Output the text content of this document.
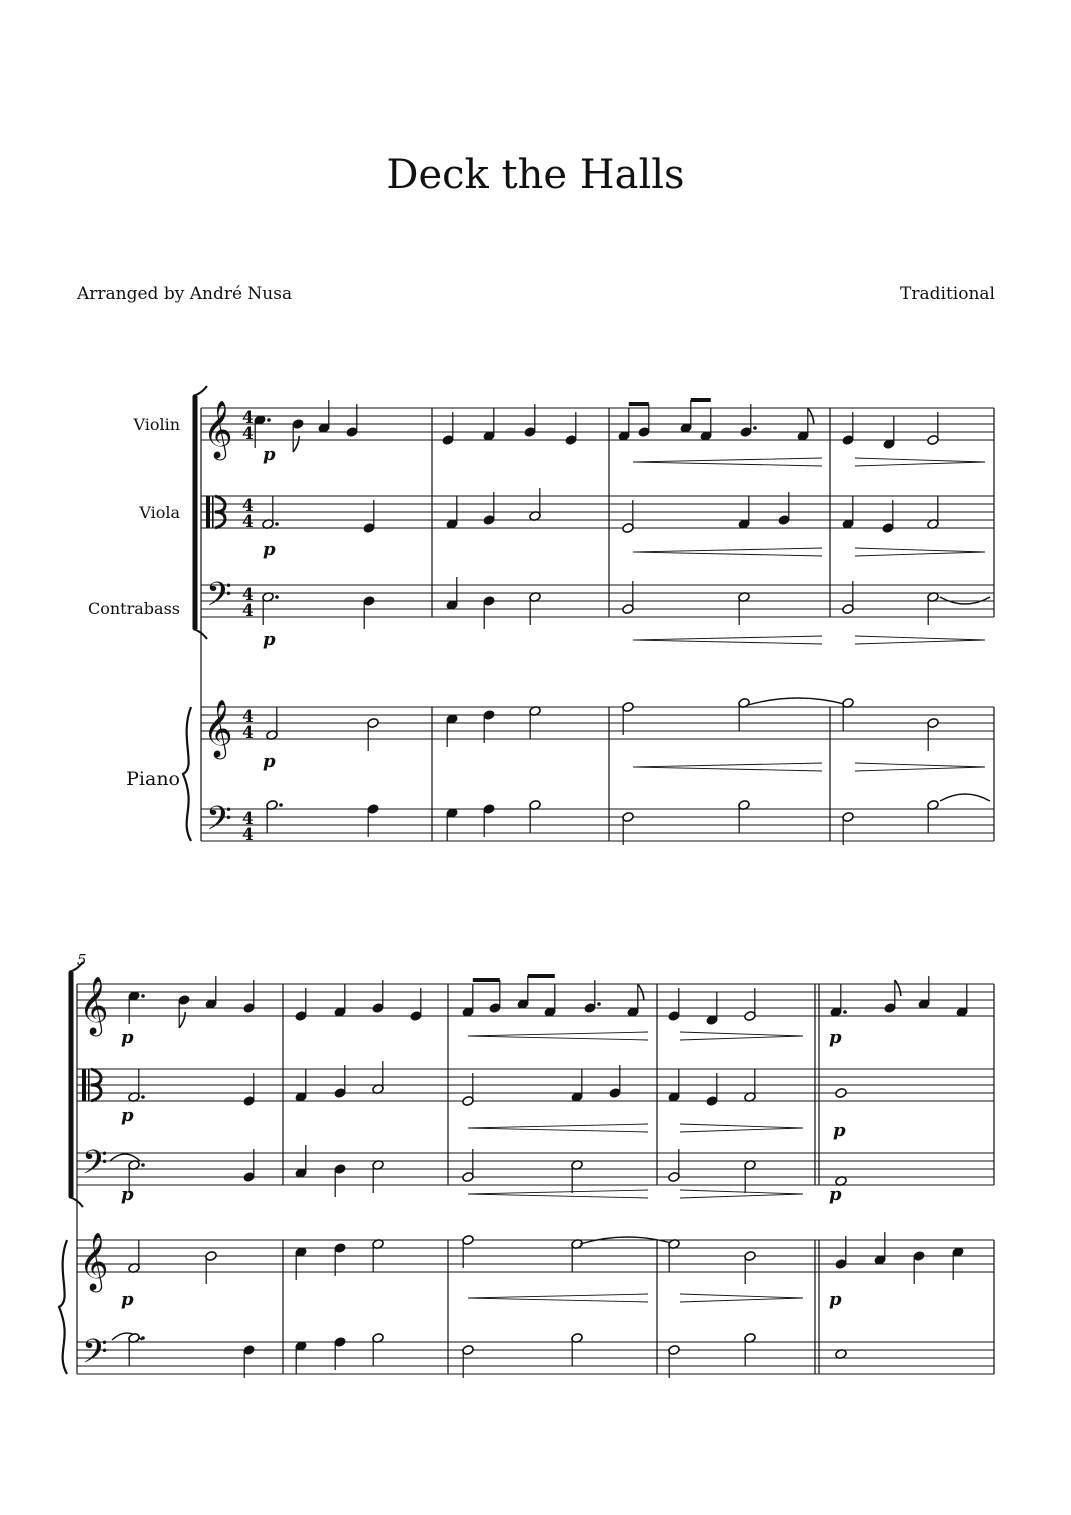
Deck the Halls
Arranged by André Nusa	Traditional
Violin
Viola
Contrabass
Piano
𝄞
𝄢
𝄞
𝄢
4
4
4
4
4
4
4
4
4
4
p
p
p
p
5
𝄞
𝄢
𝄞
𝄢
p	p
p
p
p	p
p	p
